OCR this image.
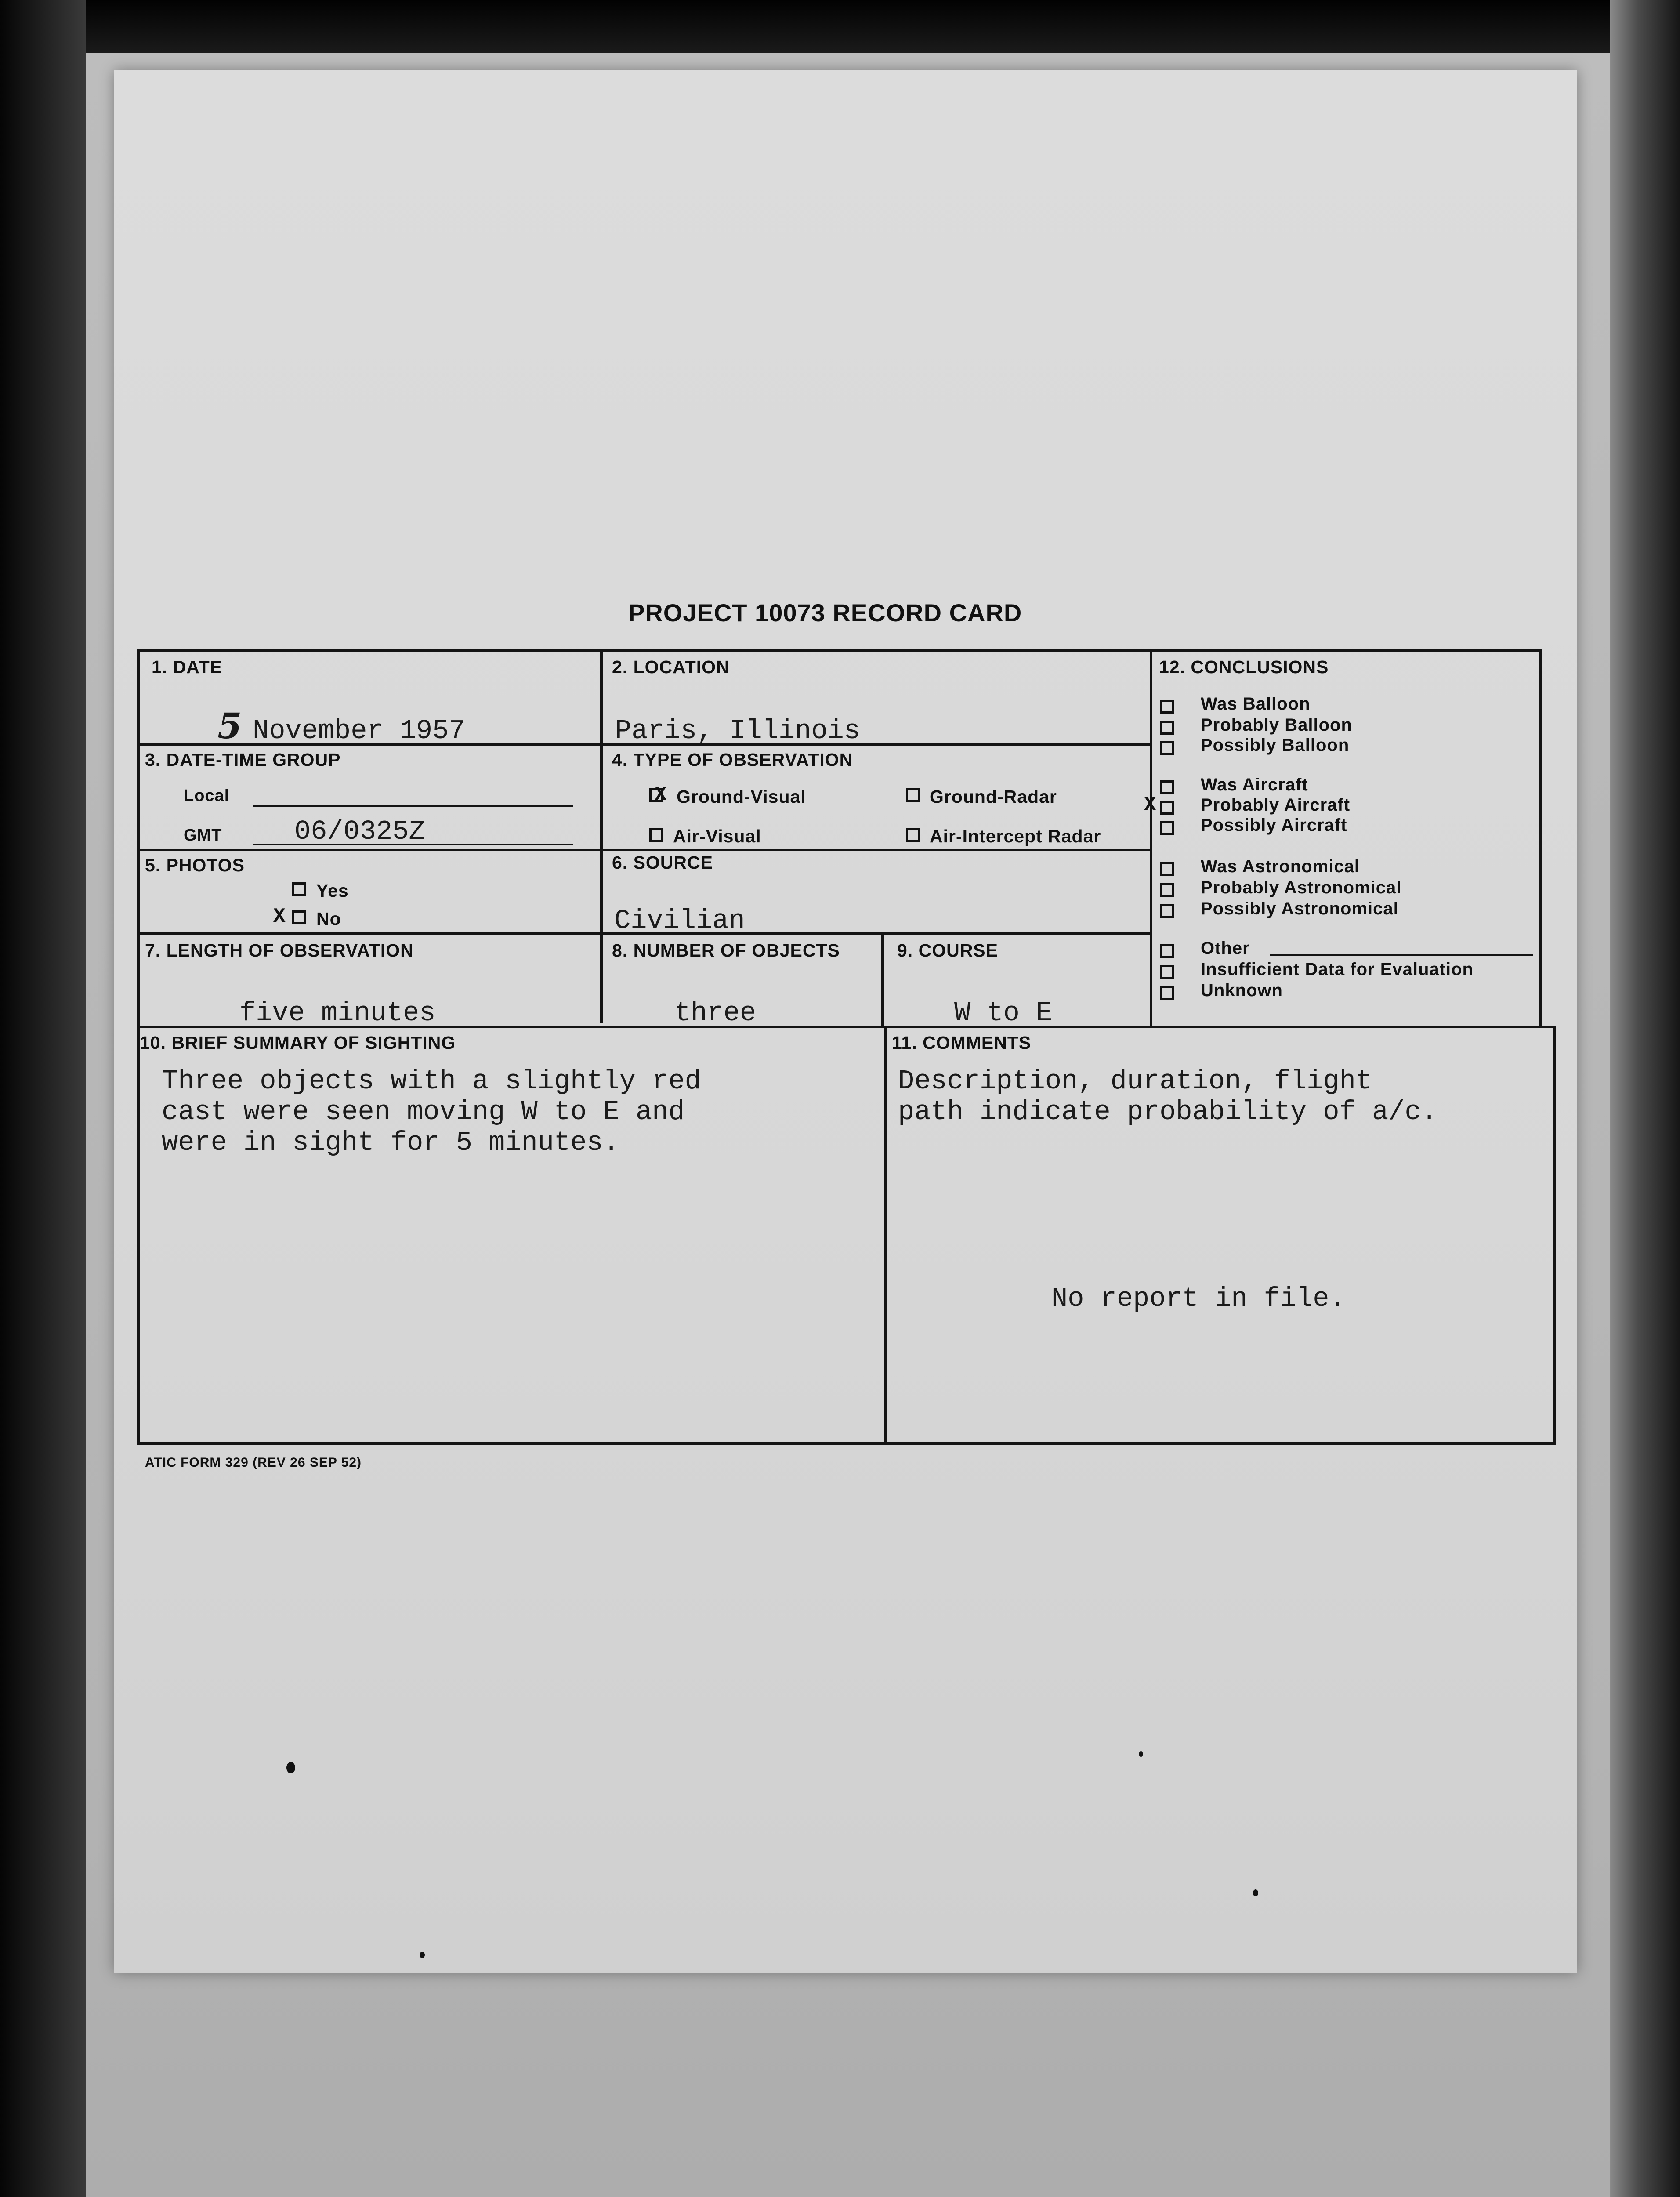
PROJECT 10073 RECORD CARD
1. DATE
5 November 1957
2. LOCATION
Paris, Illinois
3. DATE-TIME GROUP
Local
GMT	06/0325Z
4. TYPE OF OBSERVATION
X Ground-Visual	Ground-Radar
Air-Visual	Air-Intercept Radar
5. PHOTOS
Yes
X No
6. SOURCE
Civilian
7. LENGTH OF OBSERVATION
five minutes
8. NUMBER OF OBJECTS
three
9. COURSE
W to E
12. CONCLUSIONS
Was Balloon
Probably Balloon
Possibly Balloon
Was Aircraft
X	Probably Aircraft
Possibly Aircraft
Was Astronomical
Probably Astronomical
Possibly Astronomical
Other
Insufficient Data for Evaluation
Unknown
10. BRIEF SUMMARY OF SIGHTING
Three objects with a slightly red
cast were seen moving W to E and
were in sight for 5 minutes.
11. COMMENTS
Description, duration, flight
path indicate probability of a/c.
No report in file.
ATIC FORM 329 (REV 26 SEP 52)
